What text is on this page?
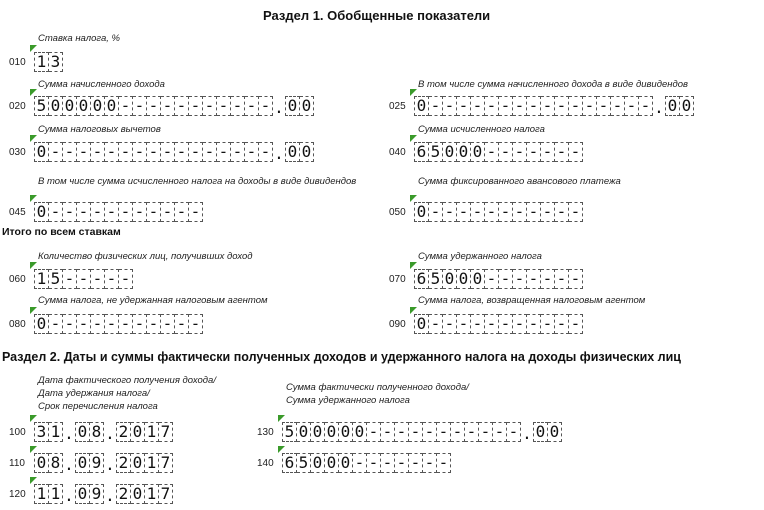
Раздел 1. Обобщенные показатели
Ставка налога, %
010 1 3
Сумма начисленного дохода
020 5 0 0 0 0 0 - - - - - - - - - - - . 0 0
В том числе сумма начисленного дохода в виде дивидендов
025 0 - - - - - - - - - - - - - - - - . 0 0
Сумма налоговых вычетов
030 0 - - - - - - - - - - - - - - - - . 0 0
Сумма исчисленного налога
040 6 5 0 0 0 - - - - - - -
В том числе сумма исчисленного налога на доходы в виде дивидендов
045 0 - - - - - - - - - - -
Сумма фиксированного авансового платежа
050 0 - - - - - - - - - - -
Итого по всем ставкам
Количество физических лиц, получивших доход
060 1 5 - - - - -
Сумма удержанного налога
070 6 5 0 0 0 - - - - - - -
Сумма налога, не удержанная налоговым агентом
080 0 - - - - - - - - - - -
Сумма налога, возвращенная налоговым агентом
090 0 - - - - - - - - - - -
Раздел 2. Даты и суммы фактически полученных доходов и удержанного налога на доходы физических лиц
Дата фактического получения дохода/
Дата удержания налога/
Срок перечисления налога
Сумма фактически полученного дохода/
Сумма удержанного налога
100 3 1 . 0 8 . 2 0 1 7
110 0 8 . 0 9 . 2 0 1 7
120 1 1 . 0 9 . 2 0 1 7
130 5 0 0 0 0 0 - - - - - - - - - - - . 0 0
140 6 5 0 0 0 - - - - - - -
